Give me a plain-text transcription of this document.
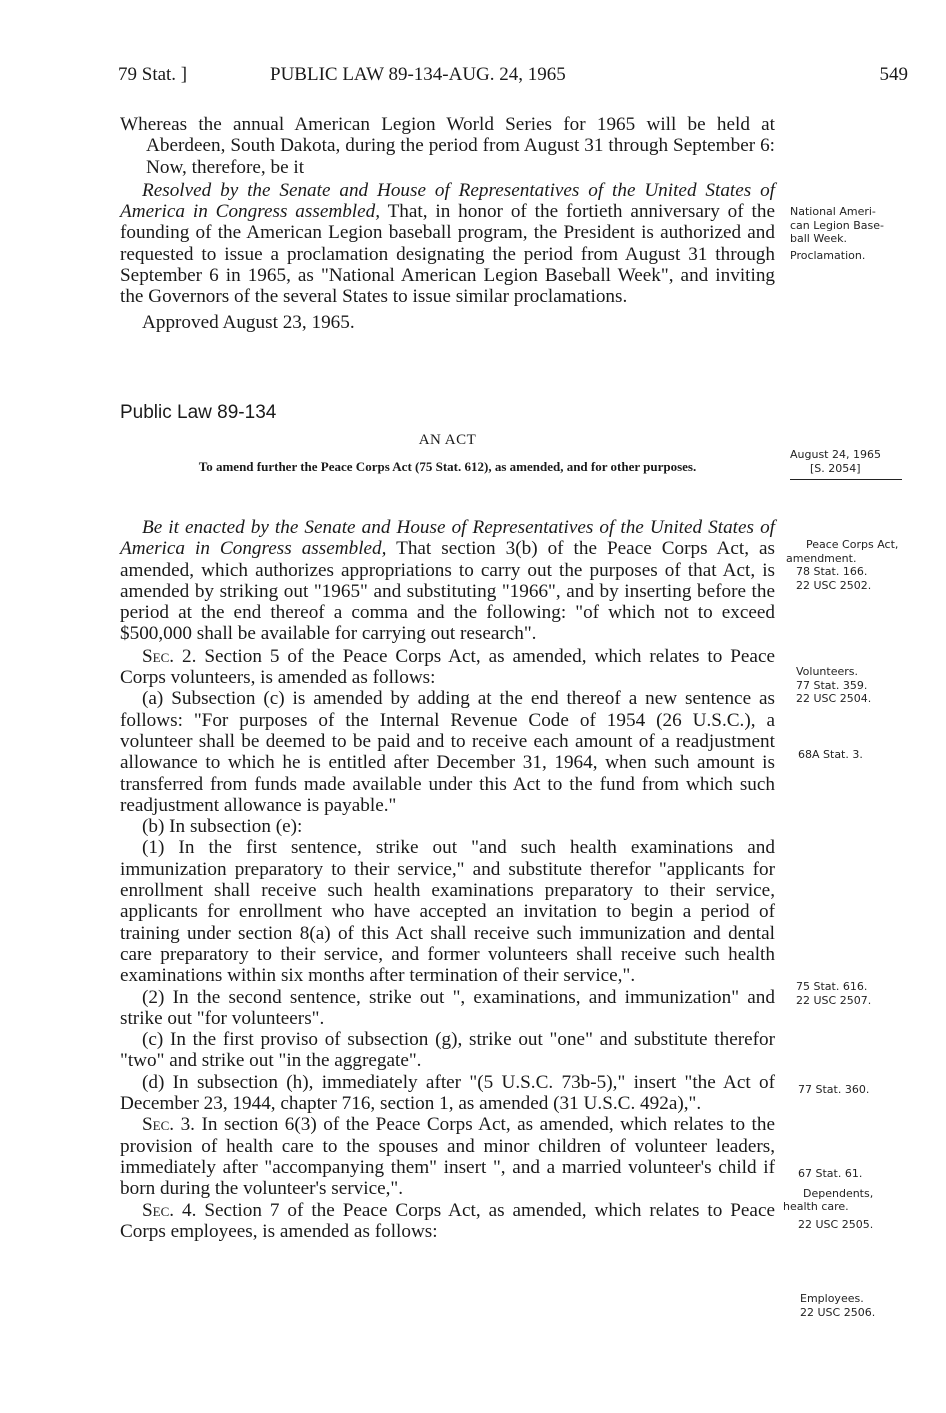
79 Stat. ]	PUBLIC LAW 89-134-AUG. 24, 1965	549

Whereas the annual American Legion World Series for 1965 will be held at Aberdeen, South Dakota, during the period from August 31 through September 6: Now, therefore, be it

Resolved by the Senate and House of Representatives of the United States of America in Congress assembled, That, in honor of the fortieth anniversary of the founding of the American Legion baseball program, the President is authorized and requested to issue a proclamation designating the period from August 31 through September 6 in 1965, as "National American Legion Baseball Week", and inviting the Governors of the several States to issue similar proclamations.

Approved August 23, 1965.

National Ameri-
can Legion Base-
ball Week.
Proclamation.
Public Law 89-134
AN ACT
To amend further the Peace Corps Act (75 Stat. 612), as amended, and for other purposes.
August 24, 1965
[S. 2054]

Be it enacted by the Senate and House of Representatives of the United States of America in Congress assembled, That section 3(b) of the Peace Corps Act, as amended, which authorizes appropriations to carry out the purposes of that Act, is amended by striking out "1965" and substituting "1966", and by inserting before the period at the end thereof a comma and the following: "of which not to exceed $500,000 shall be available for carrying out research".

Sec. 2. Section 5 of the Peace Corps Act, as amended, which relates to Peace Corps volunteers, is amended as follows:

(a) Subsection (c) is amended by adding at the end thereof a new sentence as follows: "For purposes of the Internal Revenue Code of 1954 (26 U.S.C.), a volunteer shall be deemed to be paid and to receive each amount of a readjustment allowance to which he is entitled after December 31, 1964, when such amount is transferred from funds made available under this Act to the fund from which such readjustment allowance is payable."

(b) In subsection (e):

(1) In the first sentence, strike out "and such health examinations and immunization preparatory to their service," and substitute therefor "applicants for enrollment shall receive such health examinations preparatory to their service, applicants for enrollment who have accepted an invitation to begin a period of training under section 8(a) of this Act shall receive such immunization and dental care preparatory to their service, and former volunteers shall receive such health examinations within six months after termination of their service,".

(2) In the second sentence, strike out ", examinations, and immunization" and strike out "for volunteers".

(c) In the first proviso of subsection (g), strike out "one" and substitute therefor "two" and strike out "in the aggregate".

(d) In subsection (h), immediately after "(5 U.S.C. 73b-5)," insert "the Act of December 23, 1944, chapter 716, section 1, as amended (31 U.S.C. 492a),".

Sec. 3. In section 6(3) of the Peace Corps Act, as amended, which relates to the provision of health care to the spouses and minor children of volunteer leaders, immediately after "accompanying them" insert ", and a married volunteer's child if born during the volunteer's service,".

Sec. 4. Section 7 of the Peace Corps Act, as amended, which relates to Peace Corps employees, is amended as follows:

Peace Corps Act,
amendment.
78 Stat. 166.
22 USC 2502.
Volunteers.
77 Stat. 359.
22 USC 2504.
68A Stat. 3.
75 Stat. 616.
22 USC 2507.
77 Stat. 360.
67 Stat. 61.
Dependents,
health care.
22 USC 2505.
Employees.
22 USC 2506.
